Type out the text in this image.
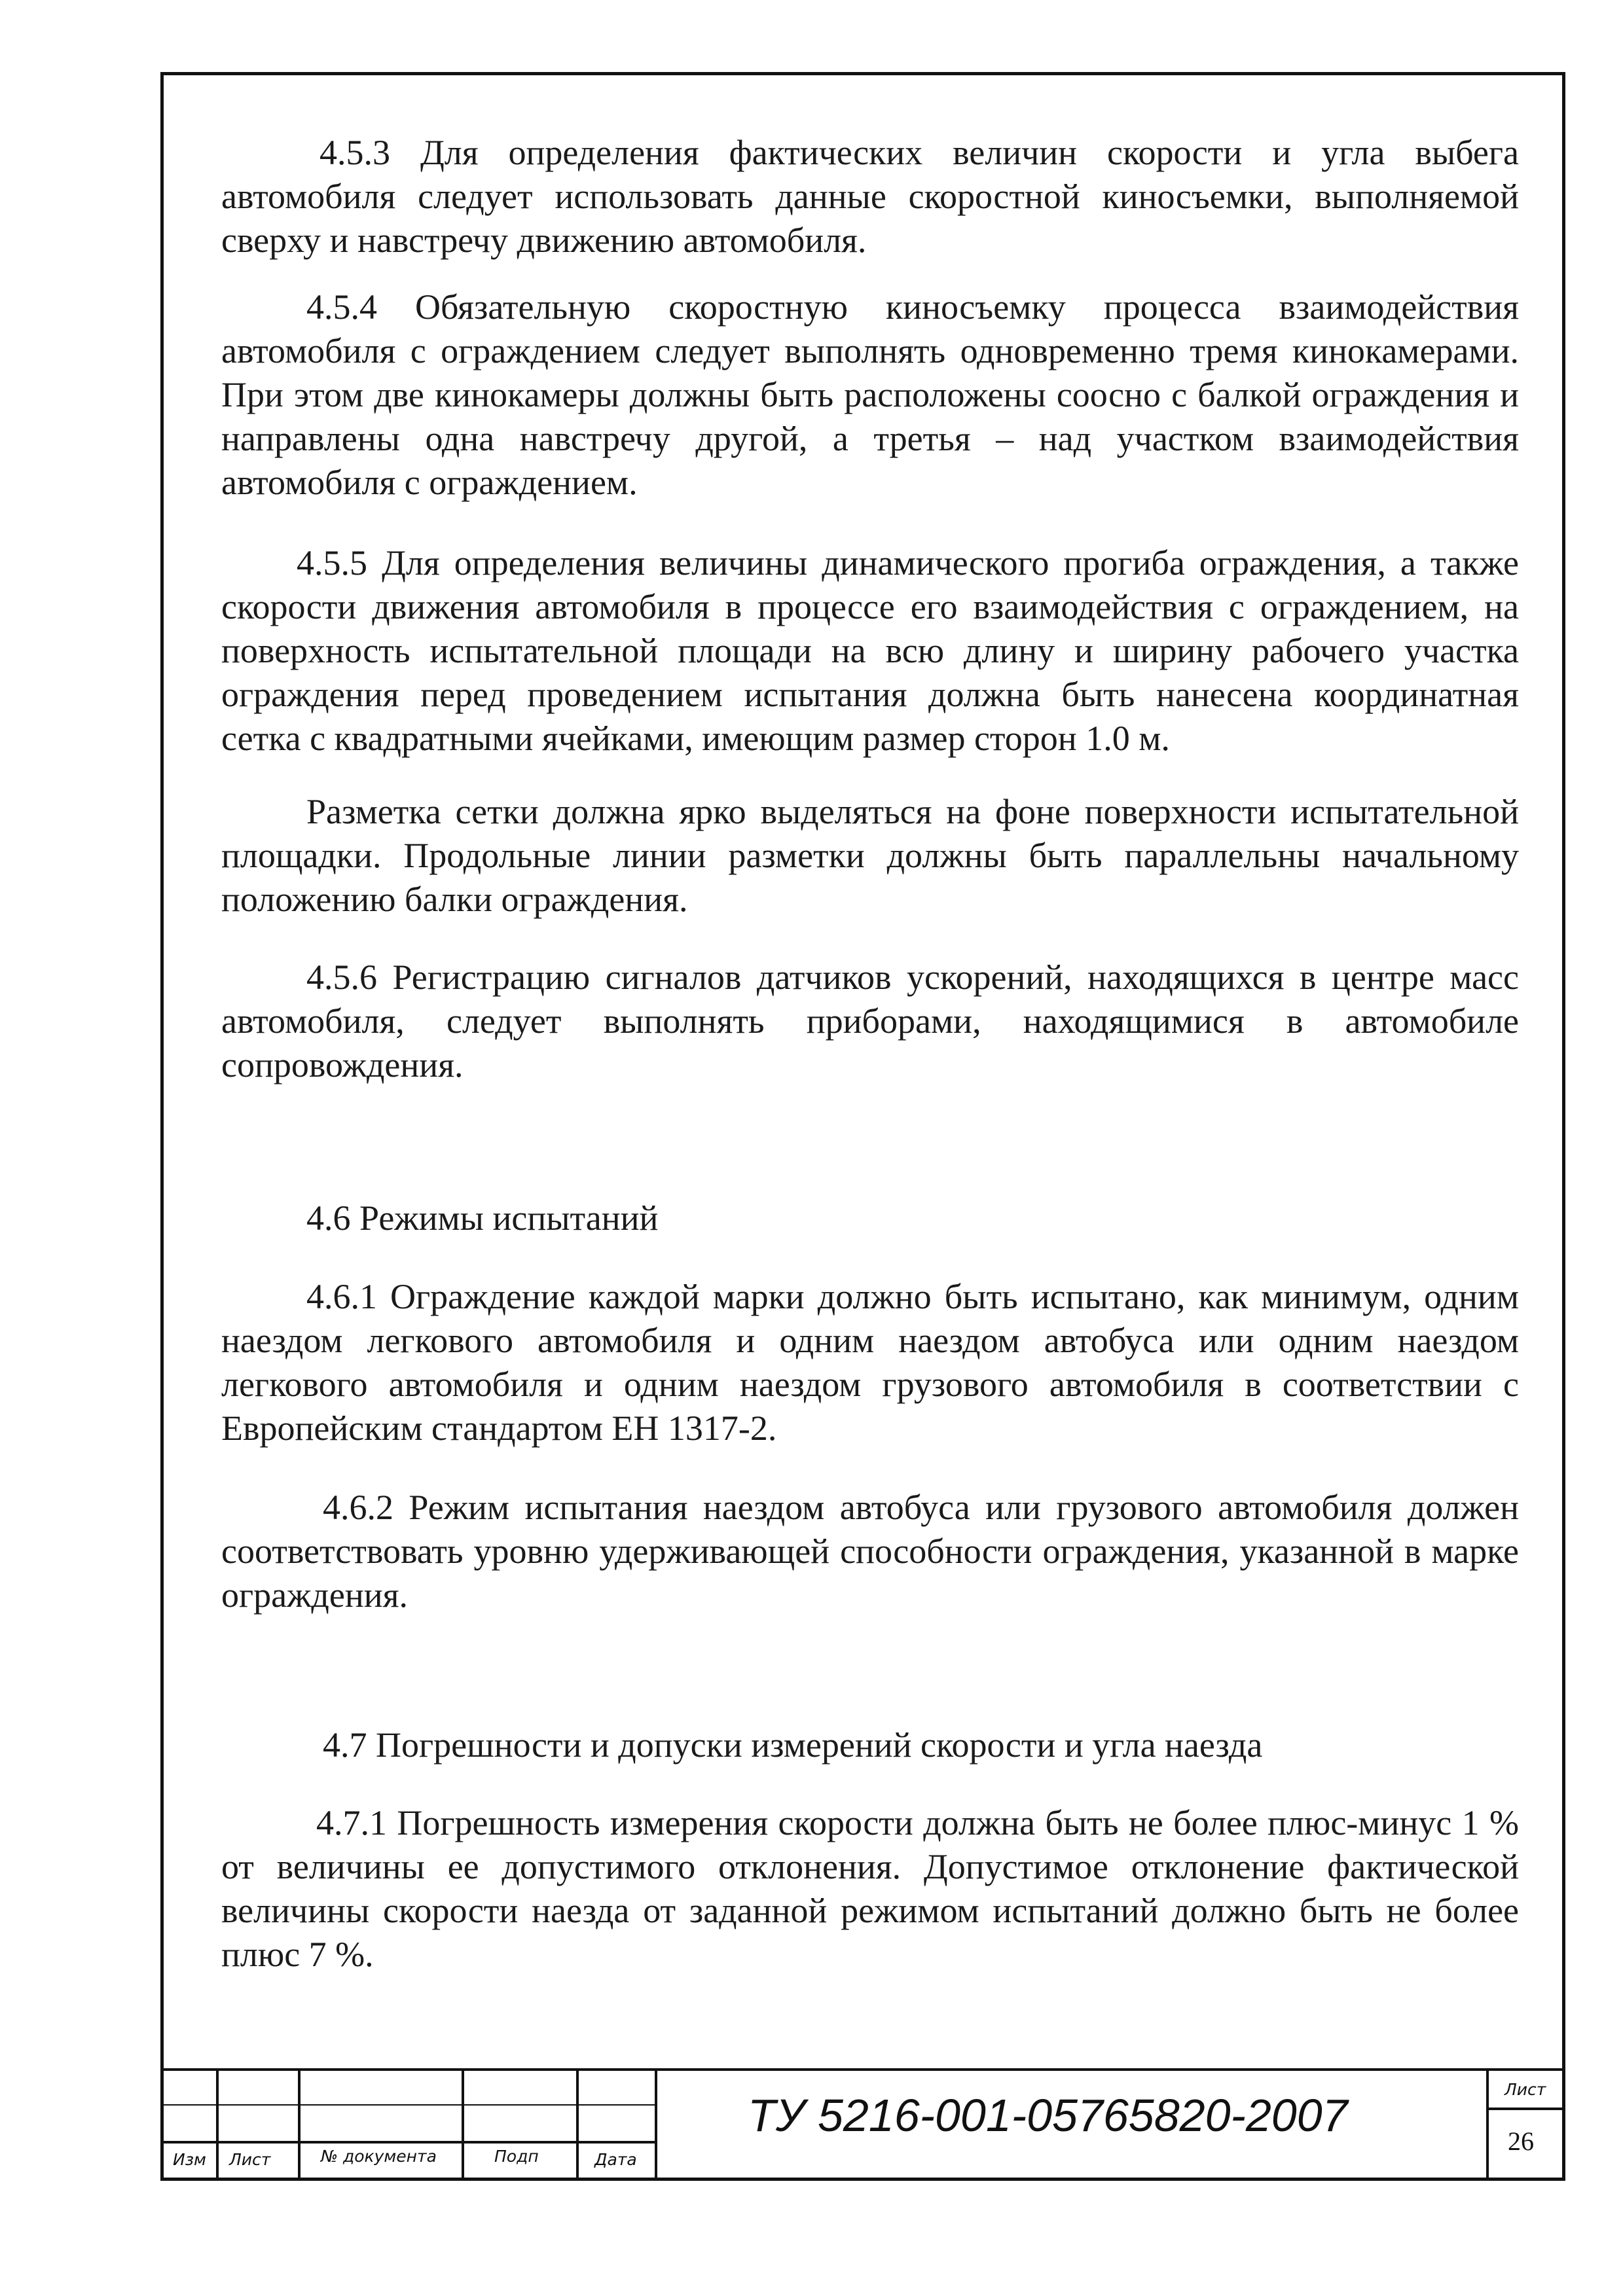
4.5.3 Для определения фактических величин скорости и угла выбега автомобиля следует использовать данные скоростной киносъемки, выполняемой сверху и навстречу движению автомобиля.

4.5.4 Обязательную скоростную киносъемку процесса взаимодействия автомобиля с ограждением следует выполнять одновременно тремя кинокамерами. При этом две кинокамеры должны быть расположены соосно с балкой ограждения и направлены одна навстречу другой, а третья – над участком взаимодействия автомобиля с ограждением.

4.5.5 Для определения величины динамического прогиба ограждения, а также скорости движения автомобиля в процессе его взаимодействия с ограждением, на поверхность испытательной площади на всю длину и ширину рабочего участка ограждения перед проведением испытания должна быть нанесена координатная сетка с квадратными ячейками, имеющим размер сторон 1.0 м.

Разметка сетки должна ярко выделяться на фоне поверхности испытательной площадки. Продольные линии разметки должны быть параллельны начальному положению балки ограждения.

4.5.6 Регистрацию сигналов датчиков ускорений, находящихся в центре масс автомобиля, следует выполнять приборами, находящимися в автомобиле сопровождения.

4.6 Режимы испытаний

4.6.1 Ограждение каждой марки должно быть испытано, как минимум, одним наездом легкового автомобиля и одним наездом автобуса или одним наездом легкового автомобиля и одним наездом грузового автомобиля в соответствии с Европейским стандартом ЕН 1317-2.

4.6.2 Режим испытания наездом автобуса или грузового автомобиля должен соответствовать уровню удерживающей способности ограждения, указанной в марке ограждения.

4.7 Погрешности и допуски измерений скорости и угла наезда

4.7.1 Погрешность измерения скорости должна быть не более плюс-минус 1 % от величины ее допустимого отклонения. Допустимое отклонение фактической величины скорости наезда от заданной режимом испытаний должно быть не более плюс 7 %.

Изм Лист	№ документа	Подп	Дата
ТУ 5216-001-05765820-2007
Лист
26
